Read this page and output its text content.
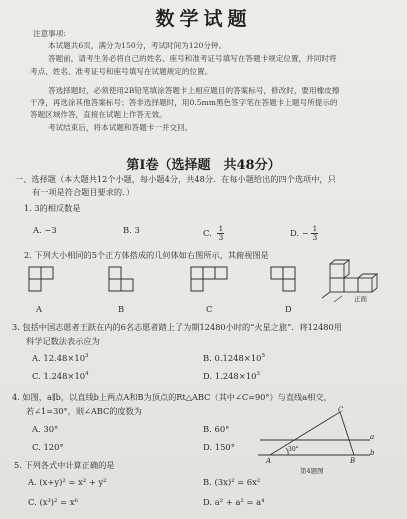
数学试题
注意事项:
本试题共6页，满分为150分，考试时间为120分钟。
答题前，请考生务必将自己的姓名、座号和准考证号填写在答题卡规定位置，并同时将
考点、姓名、准考证号和座号填写在试题规定的位置。
答选择题时，必须使用2B铅笔填涂答题卡上相应题目的答案标号，修改时，要用橡皮擦
干净，再选涂其他答案标号；答非选择题时，用0.5mm黑色签字笔在答题卡上题号所提示的
答题区域作答，直接在试题上作答无效。
考试结束后，将本试题和答题卡一并交回。
第Ⅰ卷（选择题　共48分）
一、选择题（本大题共12个小题，每小题4分，共48分．在每小题给出的四个选项中，只
有一项是符合题目要求的．）
1. 3的相反数是
A. −3	B. 3	C. $\frac{1}{3}$	D. − $\frac{1}{3}$
2. 下列大小相同的5个正方体搭成的几何体如右图所示，其俯视图是
正面
A	B	C	D
3. 包括中国志愿者王跃在内的6名志愿者踏上了为期12480小时的“火星之旅”．将12480用
科学记数法表示应为
A. $12.48\times 10^3$	B. $0.1248\times 10^5$
C. $1.248\times 10^4$	D. $1.248\times 10^3$
4. 如图，a∥b，以直线b上两点A和B为顶点的Rt△ABC（其中∠C=90°）与直线a相交，
若∠1=30°，则∠ABC的度数为
A. 30°	B. 60°
C. 120°	D. 150°
C
a
b
A	B
30°
第4题图
5. 下列各式中计算正确的是
A. (x+y)² = x² + y²	B. (3x)² = 6x²
C. (x³)² = x⁶	D. a² + a² = a⁴
